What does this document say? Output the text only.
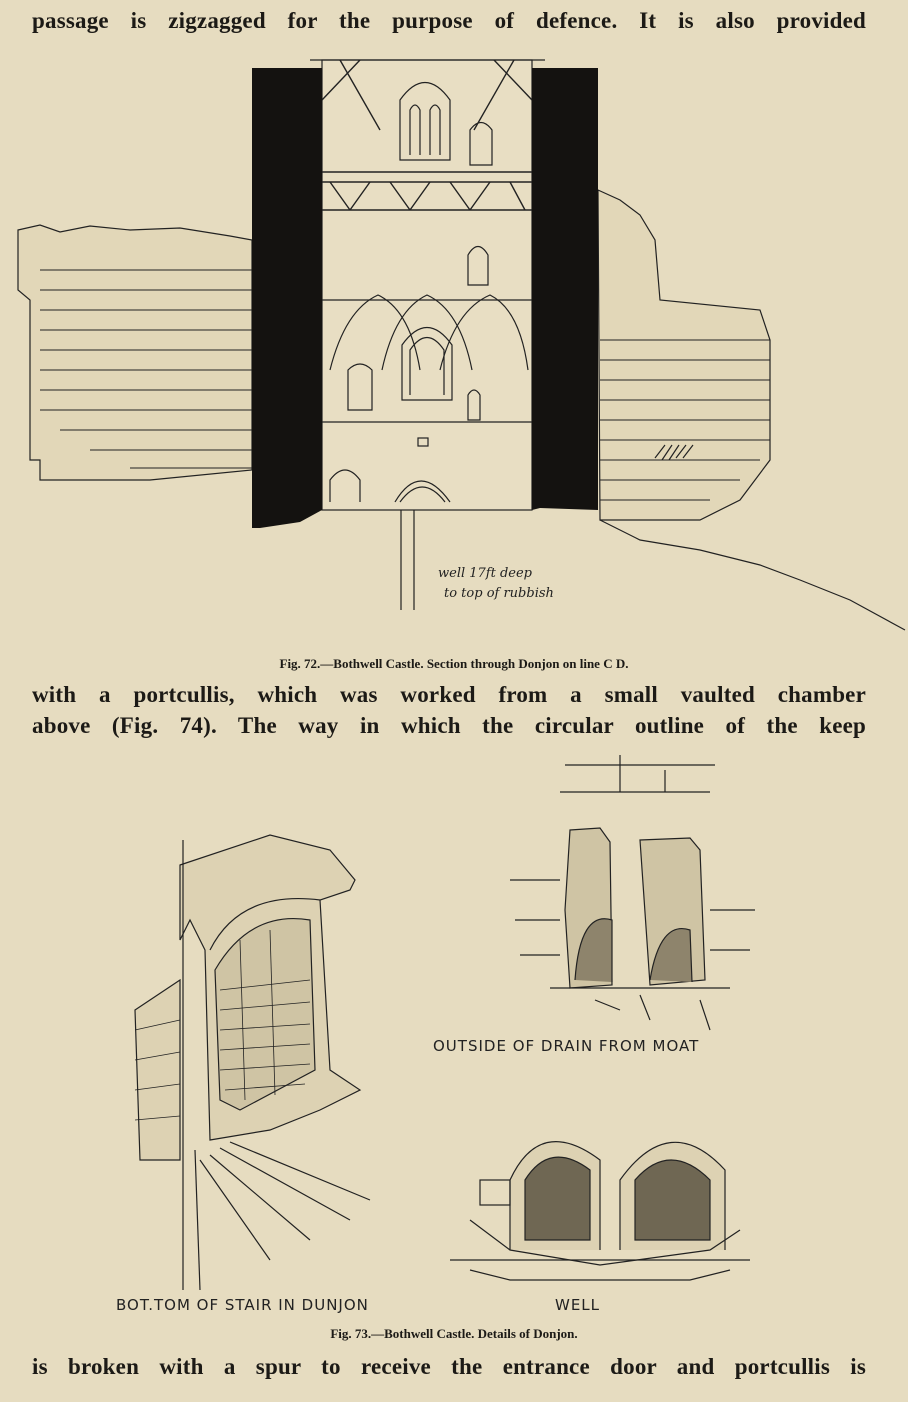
passage is zigzagged for the purpose of defence. It is also provided
well 17ft deep
to top of rubbish
Fig. 72.—Bothwell Castle. Section through Donjon on line C D.
with a portcullis, which was worked from a small vaulted chamber
above (Fig. 74). The way in which the circular outline of the keep
OUTSIDE OF DRAIN FROM MOAT
BOT.TOM OF STAIR IN DUNJON	WELL
Fig. 73.—Bothwell Castle. Details of Donjon.
is broken with a spur to receive the entrance door and portcullis is
